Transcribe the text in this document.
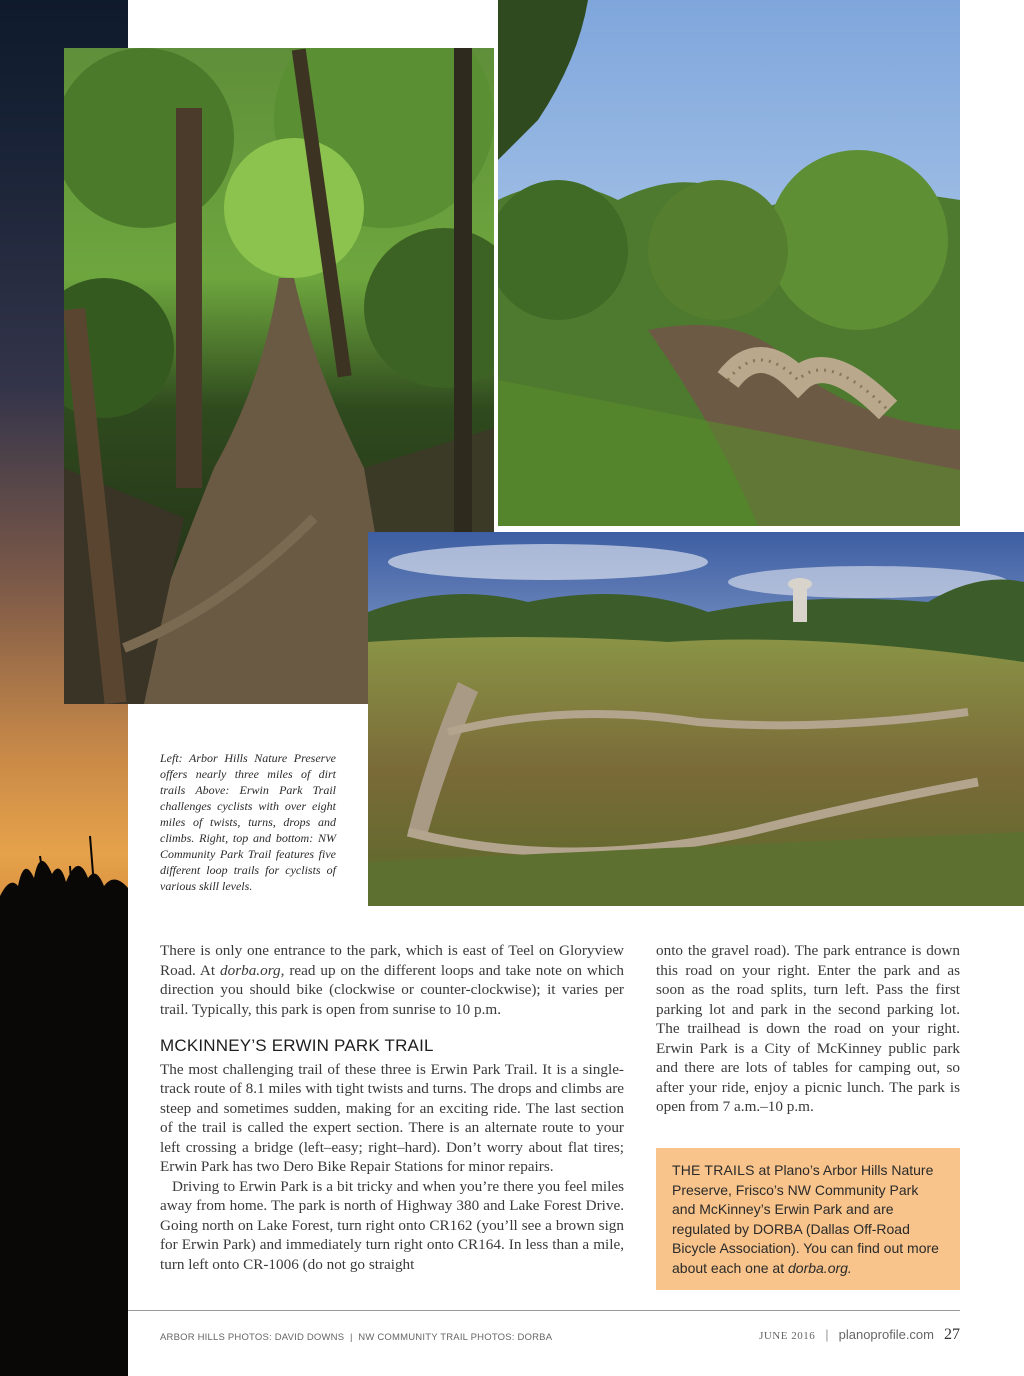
Left: Arbor Hills Nature Preserve offers nearly three miles of dirt trails Above: Erwin Park Trail challenges cyclists with over eight miles of twists, turns, drops and climbs. Right, top and bottom: NW Community Park Trail features five different loop trails for cyclists of various skill levels.

There is only one entrance to the park, which is east of Teel on Gloryview Road. At dorba.org, read up on the different loops and take note on which direction you should bike (clockwise or counter-clockwise); it varies per trail. Typically, this park is open from sunrise to 10 p.m.

MCKINNEY’S ERWIN PARK TRAIL

The most challenging trail of these three is Erwin Park Trail. It is a single-track route of 8.1 miles with tight twists and turns. The drops and climbs are steep and sometimes sudden, making for an exciting ride. The last section of the trail is called the expert section. There is an alternate route to your left crossing a bridge (left–easy; right–hard). Don’t worry about flat tires; Erwin Park has two Dero Bike Repair Stations for minor repairs.

Driving to Erwin Park is a bit tricky and when you’re there you feel miles away from home. The park is north of Highway 380 and Lake Forest Drive. Going north on Lake Forest, turn right onto CR162 (you’ll see a brown sign for Erwin Park) and immediately turn right onto CR164. In less than a mile, turn left onto CR-1006 (do not go straight

onto the gravel road). The park entrance is down this road on your right. Enter the park and as soon as the road splits, turn left. Pass the first parking lot and park in the second parking lot. The trailhead is down the road on your right. Erwin Park is a City of McKinney public park and there are lots of tables for camping out, so after your ride, enjoy a picnic lunch. The park is open from 7 a.m.–10 p.m.

THE TRAILS at Plano’s Arbor Hills Nature Preserve, Frisco’s NW Community Park and McKinney’s Erwin Park and are regulated by DORBA (Dallas Off-Road Bicycle Association). You can find out more about each one at dorba.org.
ARBOR HILLS PHOTOS: DAVID DOWNS  |  NW COMMUNITY TRAIL PHOTOS: DORBA	JUNE 2016 | planoprofile.com 27
